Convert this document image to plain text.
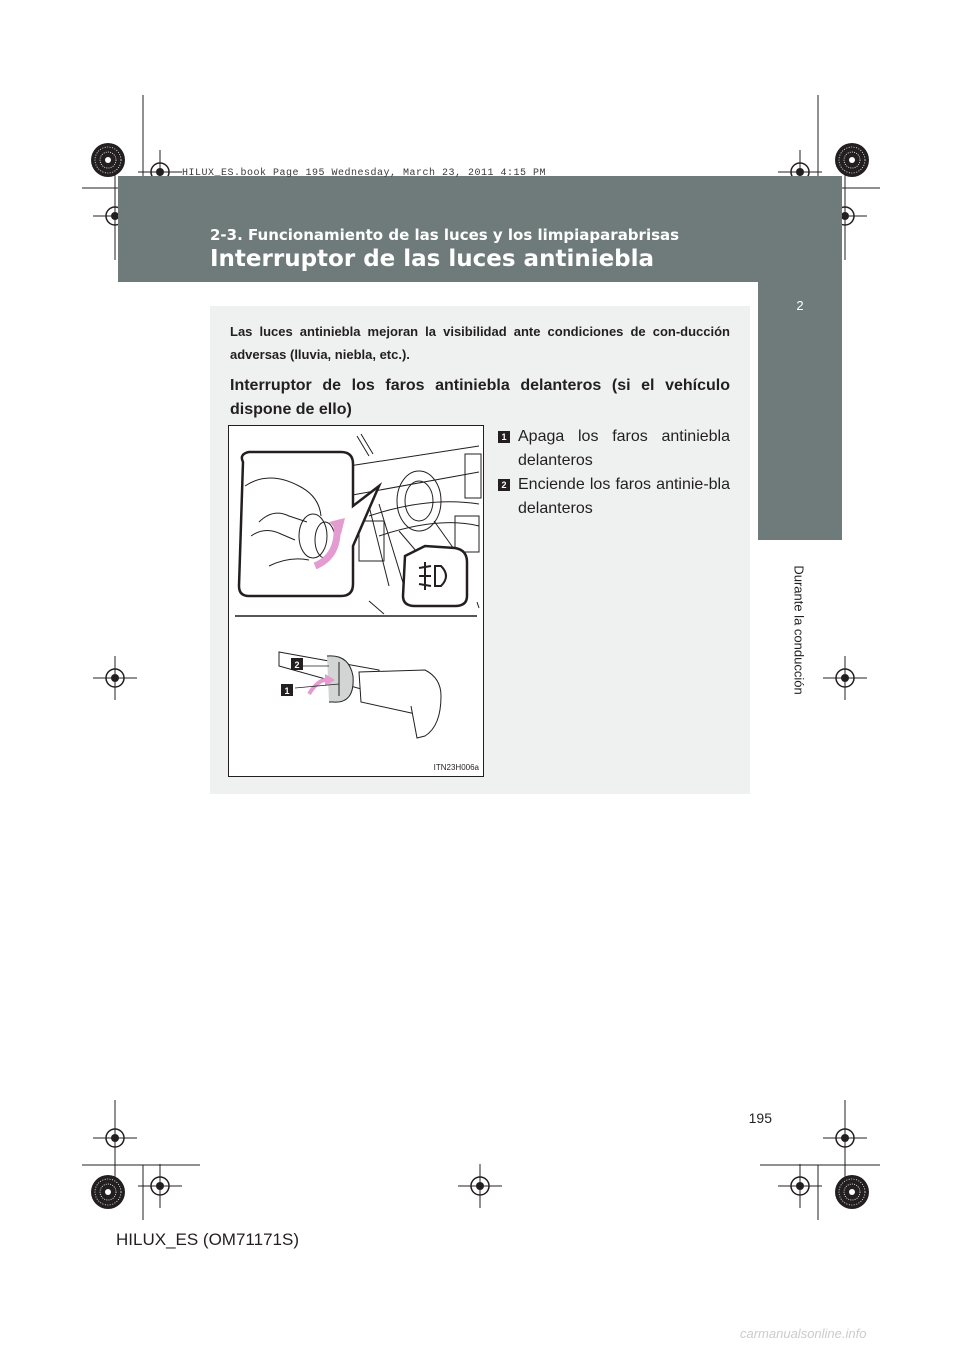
HILUX_ES.book Page 195 Wednesday, March 23, 2011 4:15 PM
2-3. Funcionamiento de las luces y los limpiaparabrisas
Interruptor de las luces antiniebla
2
Durante la conducción
Las luces antiniebla mejoran la visibilidad ante condiciones de con-ducción adversas (lluvia, niebla, etc.).
Interruptor de los faros antiniebla delanteros (si el vehículo dispone de ello)
2
1
ITN23H006a
1 Apaga los faros antiniebla delanteros
2 Enciende los faros antinie-bla delanteros
195
HILUX_ES (OM71171S)
carmanualsonline.info
